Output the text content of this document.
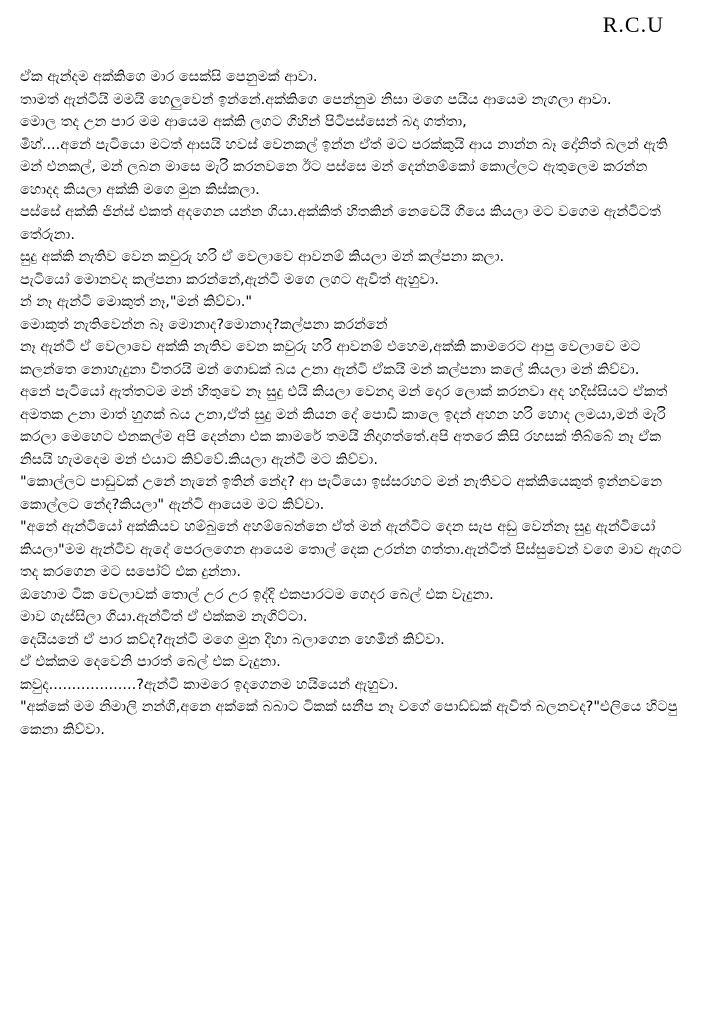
R.C.U

ඒක ඇන්දම අක්කිගෙ මාර සෙක්සි පෙනුමක් ආවා.

තාමත් ඇන්ටියි මමයි හෙලුවෙන් ඉන්නේ.අක්කිගෙ පෙන්නුම නිසා මගෙ පයිය ආයෙම නැගලා ආවා.

මොල තද උන පාර මම ආයෙම අක්කි ලගට ගිහින් පිටිපස්සෙන් බදා ගත්තා,

මිහ්....අනේ පැටියො මටත් ආසයි හවස් වෙනකල් ඉන්න ඒත් මට පරක්කුයි ආය නාන්න බෑ දෝනිත් බලන් ඇති මන් එනකල්, මන් ලබන මාසෙ මැරි කරනවනෙ ඊට පස්සෙ මන් දෙන්නම්කෝ කොල්ලට ඇතුලෙම කරන්න හොදද කියලා අක්කි මගෙ මුන කිස්කලා.

පස්සේ අක්කි ජින්ස් එකත් අදගෙන යන්න ගියා.අක්කිත් හිතකින් නෙවෙයි ගියෙ කියලා මට වගෙම ඇන්ටිටත් තේරුනා.

සුදු අක්කි නැතිව වෙන කවුරු හරි ඒ වෙලාවෙ ආවනම් කියලා මන් කල්පනා කලා.

පැටියෝ මොනවද කල්පනා කරන්නේ,ඇන්ටි මගෙ ලගට ඇවිත් ඇහුවා.

න් නෑ ඇන්ටි මොකුත් නෑ,"මන් කිව්වා."

මොකුත් නැතිවෙන්න බෑ මොනාද?මොනාද?කල්පනා කරන්නේ

නෑ ඇන්ටි ඒ වෙලාවෙ අක්කි නැතිව වෙන කවුරු හරි ආවනම් එහෙම,අක්කි කාමරෙට ආපු වෙලාවෙ මට කලන්තෙ නොහැදුනා විතරයි මන් ගොඩක් බය උනා ඇන්ටි ඒකයි මන් කල්පනා කලේ කියලා මන් කිව්වා.

අනේ පැටියෝ ඇත්තටම මන් හිතුවෙ නෑ සුදු එයි කියලා වෙනදා මන් දොර ලොක් කරනවා අද හදිස්සියට ඒකත් අමතක උනා මාත් හුගක් බය උනා,ඒත් සුදු මන් කියන දේ පොඩි කාලෙ ඉදන් අහන හරි හොද ලමයා,මන් මැරි කරලා මෙහෙට එනකල්ම අපි දෙන්නා එක කාමරේ තමයි නිදාගත්තේ.අපි අතරෙ කිසි රහසක් තිබ්බේ නෑ ඒක නිසයි හැමදෙම මන් එයාට කිව්වේ.කියලා ඇන්ටි මට කිව්වා.

"කොල්ලට පාඩුවක් උනේ නැනේ ඉතින් නේද? ආ පැටියො ඉස්සරහට මන් නැතිවට අක්කියෙකුත් ඉන්නවනෙ කොල්ලට නේද?කියලා" ඇන්ටි ආයෙම මට කිව්වා.

"අනේ ඇන්ටියෝ අක්කියව හම්බුනේ අහම්බෙන්නෙ ඒත් මන් ඇන්ටිට දෙන සැප අඩු වෙන්නෑ සුදු ඇන්ටියෝ කියලා"මම ඇන්ටිව ඇදේ පෙරලගෙන ආයෙම තොල් දෙක උරන්න ගත්තා.ඇන්ටිත් පිස්සුවෙන් වගෙ මාව ඇගට තද කරගෙන මට සපෝට් එක දුන්නා.

ඔහොම ටික වෙලාවක් තොල් උර උර ඉද්දි එකපාරටම ගෙදර බෙල් එක වැදුනා.

මාව ගැස්සිලා ගියා.ඇන්ටිත් ඒ එක්කම නැගිට්ටා.

දෙයියනේ ඒ පාර කව්ද?ඇන්ටි මගෙ මුන දිහා බලාගෙන හෙමින් කිව්වා.

ඒ එක්කම දෙවෙනි පාරත් බෙල් එක වැදුනා.

කවුද...................?ඇන්ටි කාමරෙ ඉදගෙනම හයියෙන් ඇහුවා.

"අක්කේ මම නිමාලි නන්ගි,අනෙ අක්කේ බබාට ටිකක් සනීප නෑ වගේ පොඩ්ඩක් ඇවිත් බලනවද?"එලියෙ හිටපු කෙනා කිව්වා.
